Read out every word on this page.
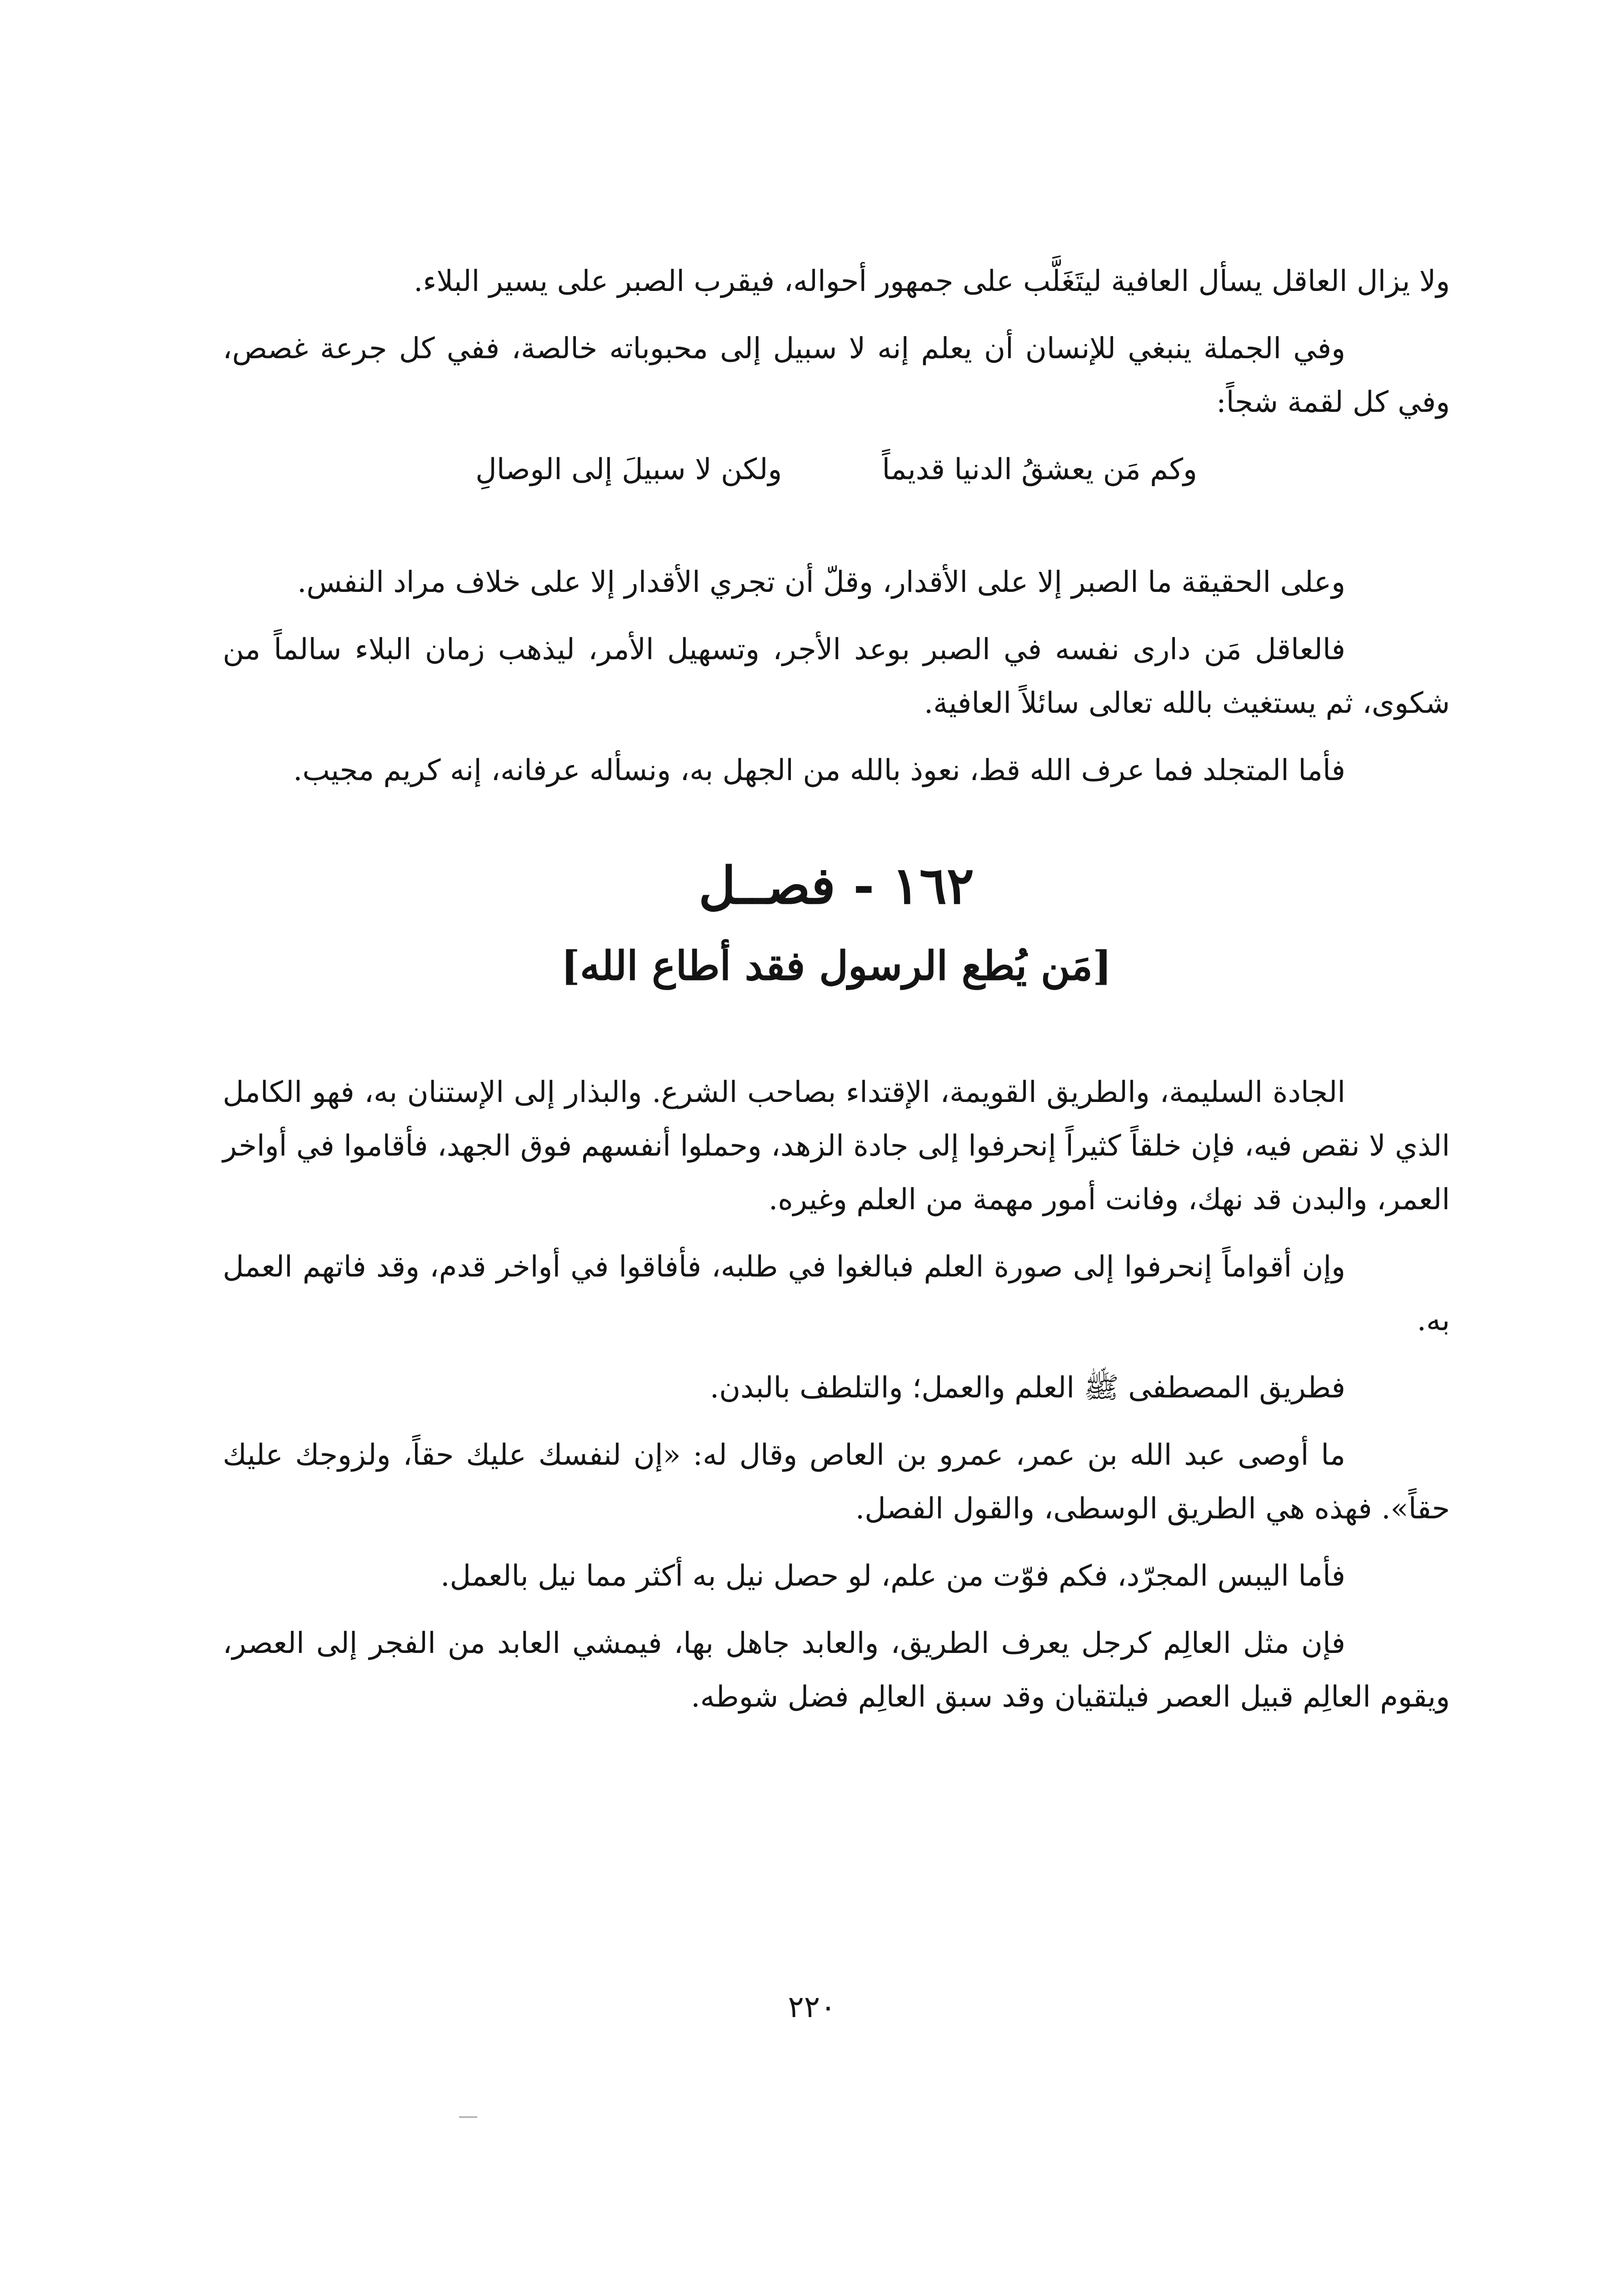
ولا يزال العاقل يسأل العافية ليتَغَلَّب على جمهور أحواله، فيقرب الصبر على يسير البلاء.

وفي الجملة ينبغي للإنسان أن يعلم إنه لا سبيل إلى محبوباته خالصة، ففي كل جرعة غصص، وفي كل لقمة شجاً:

وكم مَن يعشقُ الدنيا قديماً
ولكن لا سبيلَ إلى الوصالِ

وعلى الحقيقة ما الصبر إلا على الأقدار، وقلّ أن تجري الأقدار إلا على خلاف مراد النفس.

فالعاقل مَن دارى نفسه في الصبر بوعد الأجر، وتسهيل الأمر، ليذهب زمان البلاء سالماً من شكوى، ثم يستغيث بالله تعالى سائلاً العافية.

فأما المتجلد فما عرف الله قط، نعوذ بالله من الجهل به، ونسأله عرفانه، إنه كريم مجيب.

١٦٢ - فصــل
[مَن يُطع الرسول فقد أطاع الله]

الجادة السليمة، والطريق القويمة، الإقتداء بصاحب الشرع. والبذار إلى الإستنان به، فهو الكامل الذي لا نقص فيه، فإن خلقاً كثيراً إنحرفوا إلى جادة الزهد، وحملوا أنفسهم فوق الجهد، فأقاموا في أواخر العمر، والبدن قد نهك، وفانت أمور مهمة من العلم وغيره.

وإن أقواماً إنحرفوا إلى صورة العلم فبالغوا في طلبه، فأفاقوا في أواخر قدم، وقد فاتهم العمل به.

فطريق المصطفى ﷺ العلم والعمل؛ والتلطف بالبدن.

ما أوصى عبد الله بن عمر، عمرو بن العاص وقال له: «إن لنفسك عليك حقاً، ولزوجك عليك حقاً». فهذه هي الطريق الوسطى، والقول الفصل.

فأما اليبس المجرّد، فكم فوّت من علم، لو حصل نيل به أكثر مما نيل بالعمل.

فإن مثل العالِم كرجل يعرف الطريق، والعابد جاهل بها، فيمشي العابد من الفجر إلى العصر، ويقوم العالِم قبيل العصر فيلتقيان وقد سبق العالِم فضل شوطه.

٢٢٠
